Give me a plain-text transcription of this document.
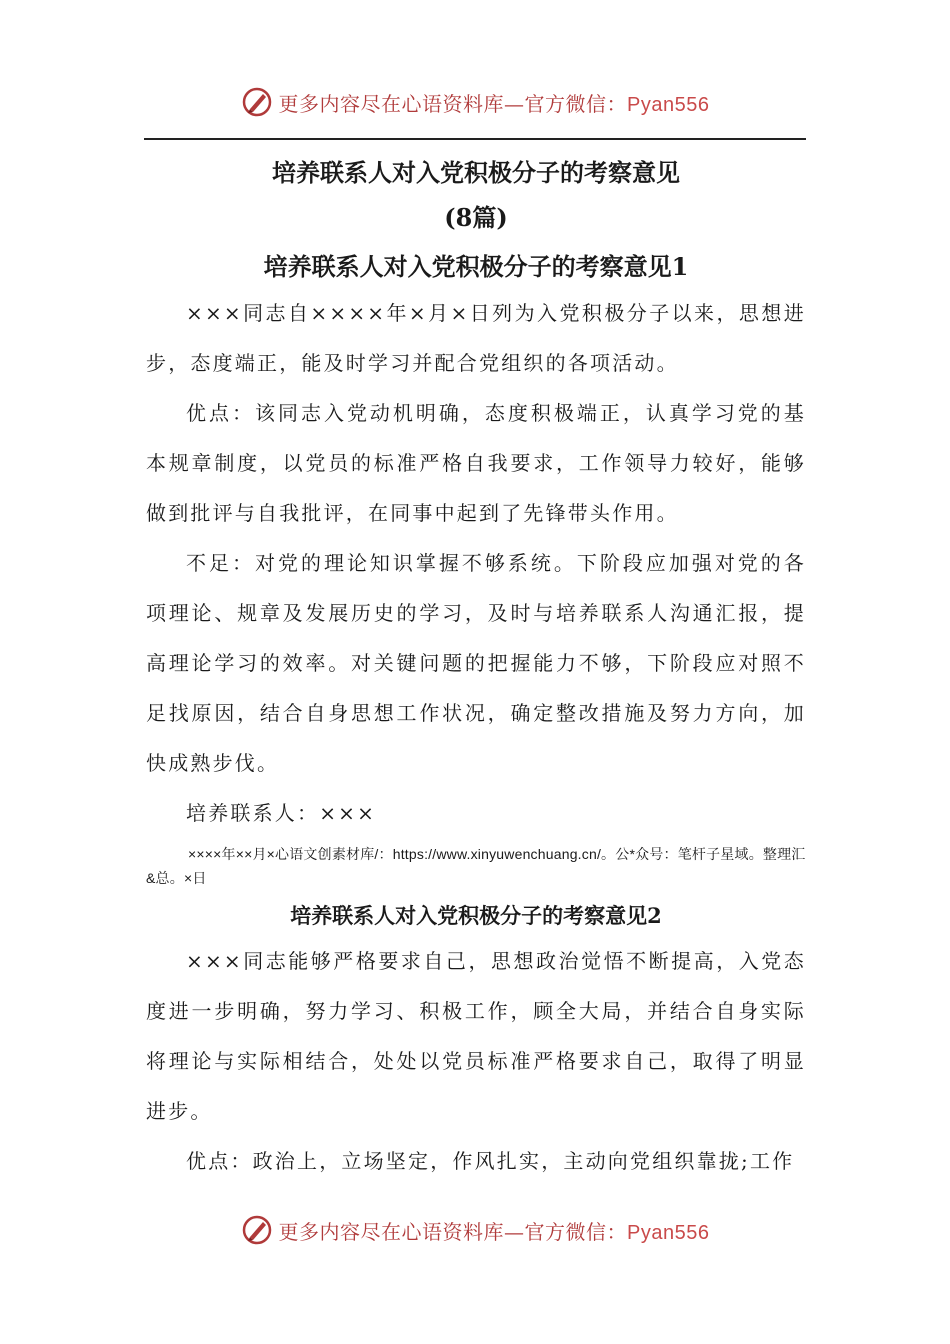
更多内容尽在心语资料库—官方微信：Pyan556
培养联系人对入党积极分子的考察意见
(8篇)
培养联系人对入党积极分子的考察意见1

×××同志自××××年×月×日列为入党积极分子以来，思想进步，态度端正，能及时学习并配合党组织的各项活动。

优点：该同志入党动机明确，态度积极端正，认真学习党的基本规章制度，以党员的标准严格自我要求，工作领导力较好，能够做到批评与自我批评，在同事中起到了先锋带头作用。

不足：对党的理论知识掌握不够系统。下阶段应加强对党的各项理论、规章及发展历史的学习，及时与培养联系人沟通汇报，提高理论学习的效率。对关键问题的把握能力不够，下阶段应对照不足找原因，结合自身思想工作状况，确定整改措施及努力方向，加快成熟步伐。

培养联系人：×××

××××年××月×心语文创素材库/：https://www.xinyuwenchuang.cn/。公*众号：笔杆子星域。整理汇&总。×日

培养联系人对入党积极分子的考察意见2

×××同志能够严格要求自己，思想政治觉悟不断提高，入党态度进一步明确，努力学习、积极工作，顾全大局，并结合自身实际将理论与实际相结合，处处以党员标准严格要求自己，取得了明显进步。

优点：政治上，立场坚定，作风扎实，主动向党组织靠拢;工作

更多内容尽在心语资料库—官方微信：Pyan556
